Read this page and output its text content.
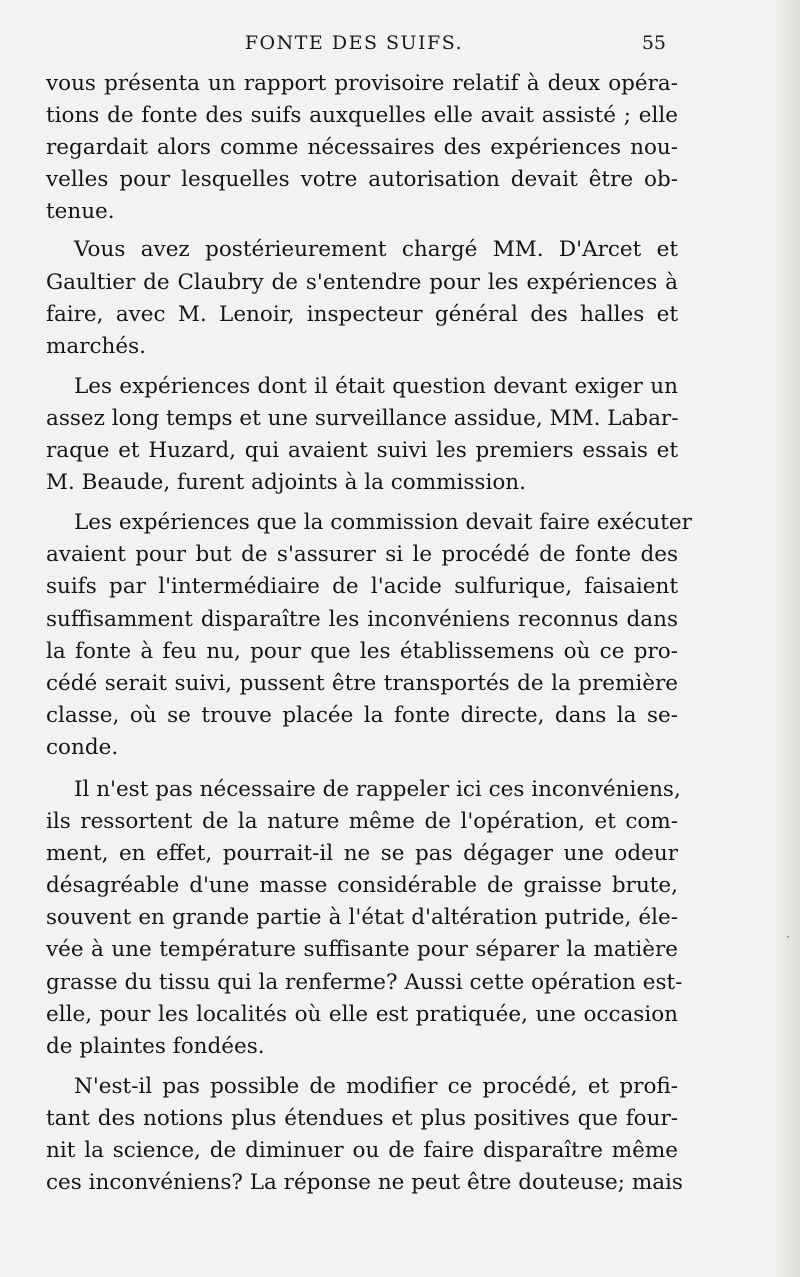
FONTE DES SUIFS.	55
vous présenta un rapport provisoire relatif à deux opéra-
tions de fonte des suifs auxquelles elle avait assisté ; elle
regardait alors comme nécessaires des expériences nou-
velles pour lesquelles votre autorisation devait être ob-
tenue.
Vous avez postérieurement chargé MM. D'Arcet et
Gaultier de Claubry de s'entendre pour les expériences à
faire, avec M. Lenoir, inspecteur général des halles et
marchés.
Les expériences dont il était question devant exiger un
assez long temps et une surveillance assidue, MM. Labar-
raque et Huzard, qui avaient suivi les premiers essais et
M. Beaude, furent adjoints à la commission.
Les expériences que la commission devait faire exécuter
avaient pour but de s'assurer si le procédé de fonte des
suifs par l'intermédiaire de l'acide sulfurique, faisaient
suffisamment disparaître les inconvéniens reconnus dans
la fonte à feu nu, pour que les établissemens où ce pro-
cédé serait suivi, pussent être transportés de la première
classe, où se trouve placée la fonte directe, dans la se-
conde.
Il n'est pas nécessaire de rappeler ici ces inconvéniens,
ils ressortent de la nature même de l'opération, et com-
ment, en effet, pourrait-il ne se pas dégager une odeur
désagréable d'une masse considérable de graisse brute,
souvent en grande partie à l'état d'altération putride, éle-
vée à une température suffisante pour séparer la matière
grasse du tissu qui la renferme? Aussi cette opération est-
elle, pour les localités où elle est pratiquée, une occasion
de plaintes fondées.
N'est-il pas possible de modifier ce procédé, et profi-
tant des notions plus étendues et plus positives que four-
nit la science, de diminuer ou de faire disparaître même
ces inconvéniens? La réponse ne peut être douteuse; mais
·
